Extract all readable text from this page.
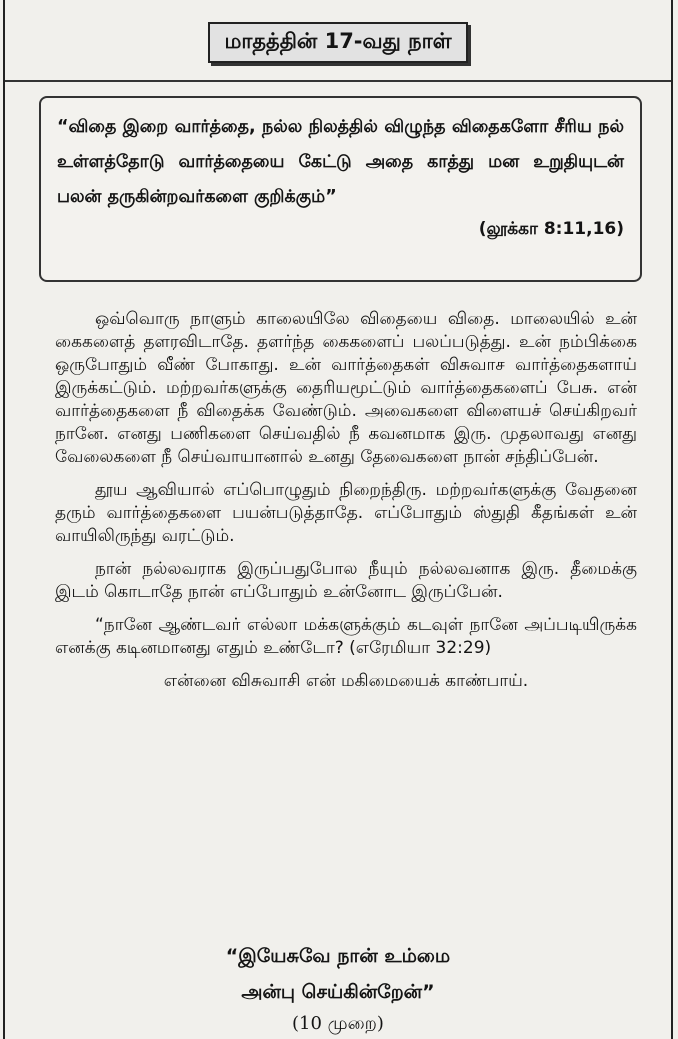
மாதத்தின் 17-வது நாள்
“விதை இறை வார்த்தை, நல்ல நிலத்தில் விழுந்த விதைகளோ சீரிய நல் உள்ளத்தோடு வார்த்தையை கேட்டு அதை காத்து மன உறுதியுடன் பலன் தருகின்றவர்களை குறிக்கும்”
(லூக்கா 8:11,16)

ஒவ்வொரு நாளும் காலையிலே விதையை விதை. மாலையில் உன் கைகளைத் தளரவிடாதே. தளர்ந்த கைகளைப் பலப்படுத்து. உன் நம்பிக்கை ஒருபோதும் வீண் போகாது. உன் வார்த்தைகள் விசுவாச வார்த்தைகளாய் இருக்கட்டும். மற்றவர்களுக்கு தைரியமூட்டும் வார்த்தைகளைப் பேசு. என் வார்த்தைகளை நீ விதைக்க வேண்டும். அவைகளை விளையச் செய்கிறவர் நானே. எனது பணிகளை செய்வதில் நீ கவனமாக இரு. முதலாவது எனது வேலைகளை நீ செய்வாயானால் உனது தேவைகளை நான் சந்திப்பேன்.

தூய ஆவியால் எப்பொழுதும் நிறைந்திரு. மற்றவர்களுக்கு வேதனை தரும் வார்த்தைகளை பயன்படுத்தாதே. எப்போதும் ஸ்துதி கீதங்கள் உன் வாயிலிருந்து வரட்டும்.

நான் நல்லவராக இருப்பதுபோல நீயும் நல்லவனாக இரு. தீமைக்கு இடம் கொடாதே நான் எப்போதும் உன்னோட இருப்பேன்.

“நானே ஆண்டவர் எல்லா மக்களுக்கும் கடவுள் நானே அப்படியிருக்க எனக்கு கடினமானது எதும் உண்டோ? (எரேமியா 32:29)

என்னை விசுவாசி என் மகிமையைக் காண்பாய்.

“இயேசுவே நான் உம்மை
அன்பு செய்கின்றேன்”
(10 முறை)
